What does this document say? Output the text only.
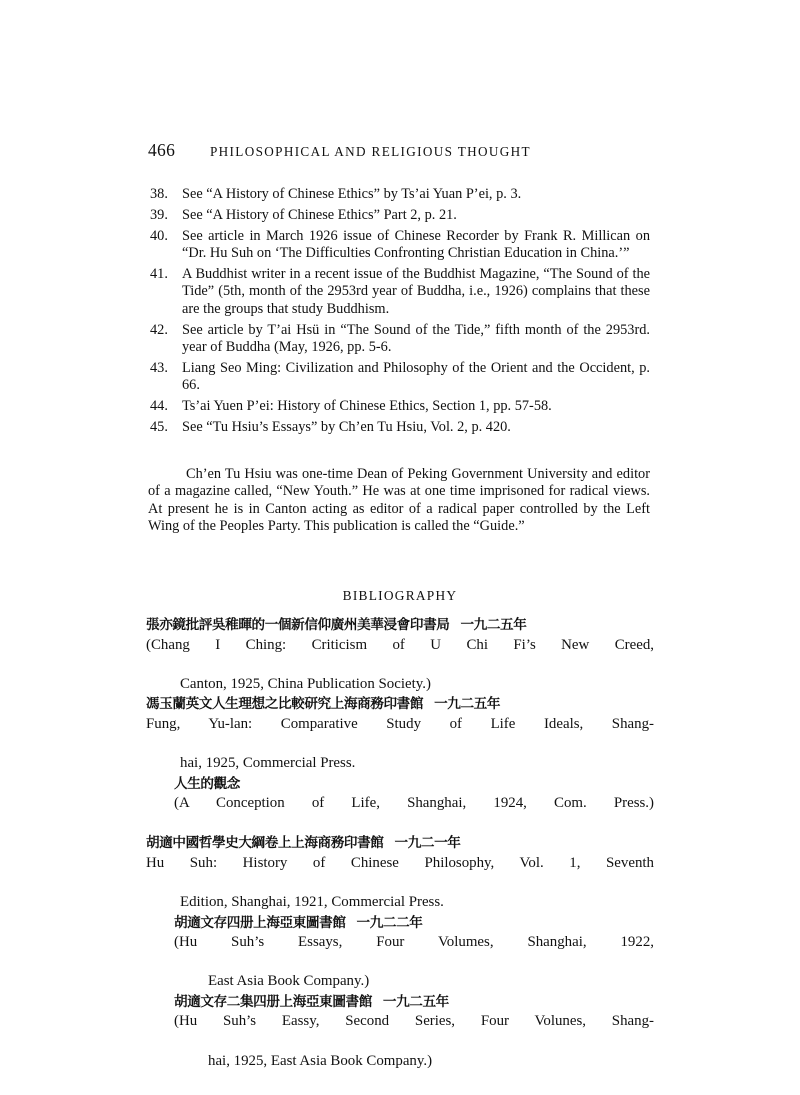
466	PHILOSOPHICAL AND RELIGIOUS THOUGHT
38. See “A History of Chinese Ethics” by Ts’ai Yuan P’ei, p. 3.
39. See “A History of Chinese Ethics” Part 2, p. 21.
40. See article in March 1926 issue of Chinese Recorder by Frank R. Millican on “Dr. Hu Suh on ‘The Difficulties Confronting Christian Education in China.’”
41. A Buddhist writer in a recent issue of the Buddhist Magazine, “The Sound of the Tide” (5th, month of the 2953rd year of Buddha, i.e., 1926) complains that these are the groups that study Buddhism.
42. See article by T’ai Hsü in “The Sound of the Tide,” fifth month of the 2953rd. year of Buddha (May, 1926, pp. 5-6.
43. Liang Seo Ming: Civilization and Philosophy of the Orient and the Occident, p. 66.
44. Ts’ai Yuen P’ei: History of Chinese Ethics, Section 1, pp. 57-58.
45. See “Tu Hsiu’s Essays” by Ch’en Tu Hsiu, Vol. 2, p. 420.
Ch’en Tu Hsiu was one-time Dean of Peking Government University and editor of a magazine called, “New Youth.” He was at one time imprisoned for radical views. At present he is in Canton acting as editor of a radical paper controlled by the Left Wing of the Peoples Party. This publication is called the “Guide.”
BIBLIOGRAPHY
張亦鏡批評吳稚暉的一個新信仰廣州美華浸會印書局 一九二五年
(Chang I Ching: Criticism of U Chi Fi’s New Creed,
Canton, 1925, China Publication Society.)
馮玉蘭英文人生理想之比較研究上海商務印書館 一九二五年
Fung, Yu-lan: Comparative Study of Life Ideals, Shang-
hai, 1925, Commercial Press.
人生的觀念
(A Conception of Life, Shanghai, 1924, Com. Press.)
胡適中國哲學史大綱卷上上海商務印書館 一九二一年
Hu Suh: History of Chinese Philosophy, Vol. 1, Seventh
Edition, Shanghai, 1921, Commercial Press.
胡適文存四册上海亞東圖書館 一九二二年
(Hu Suh’s Essays, Four Volumes, Shanghai, 1922,
East Asia Book Company.)
胡適文存二集四册上海亞東圖書館 一九二五年
(Hu Suh’s Eassy, Second Series, Four Volunes, Shang-
hai, 1925, East Asia Book Company.)
